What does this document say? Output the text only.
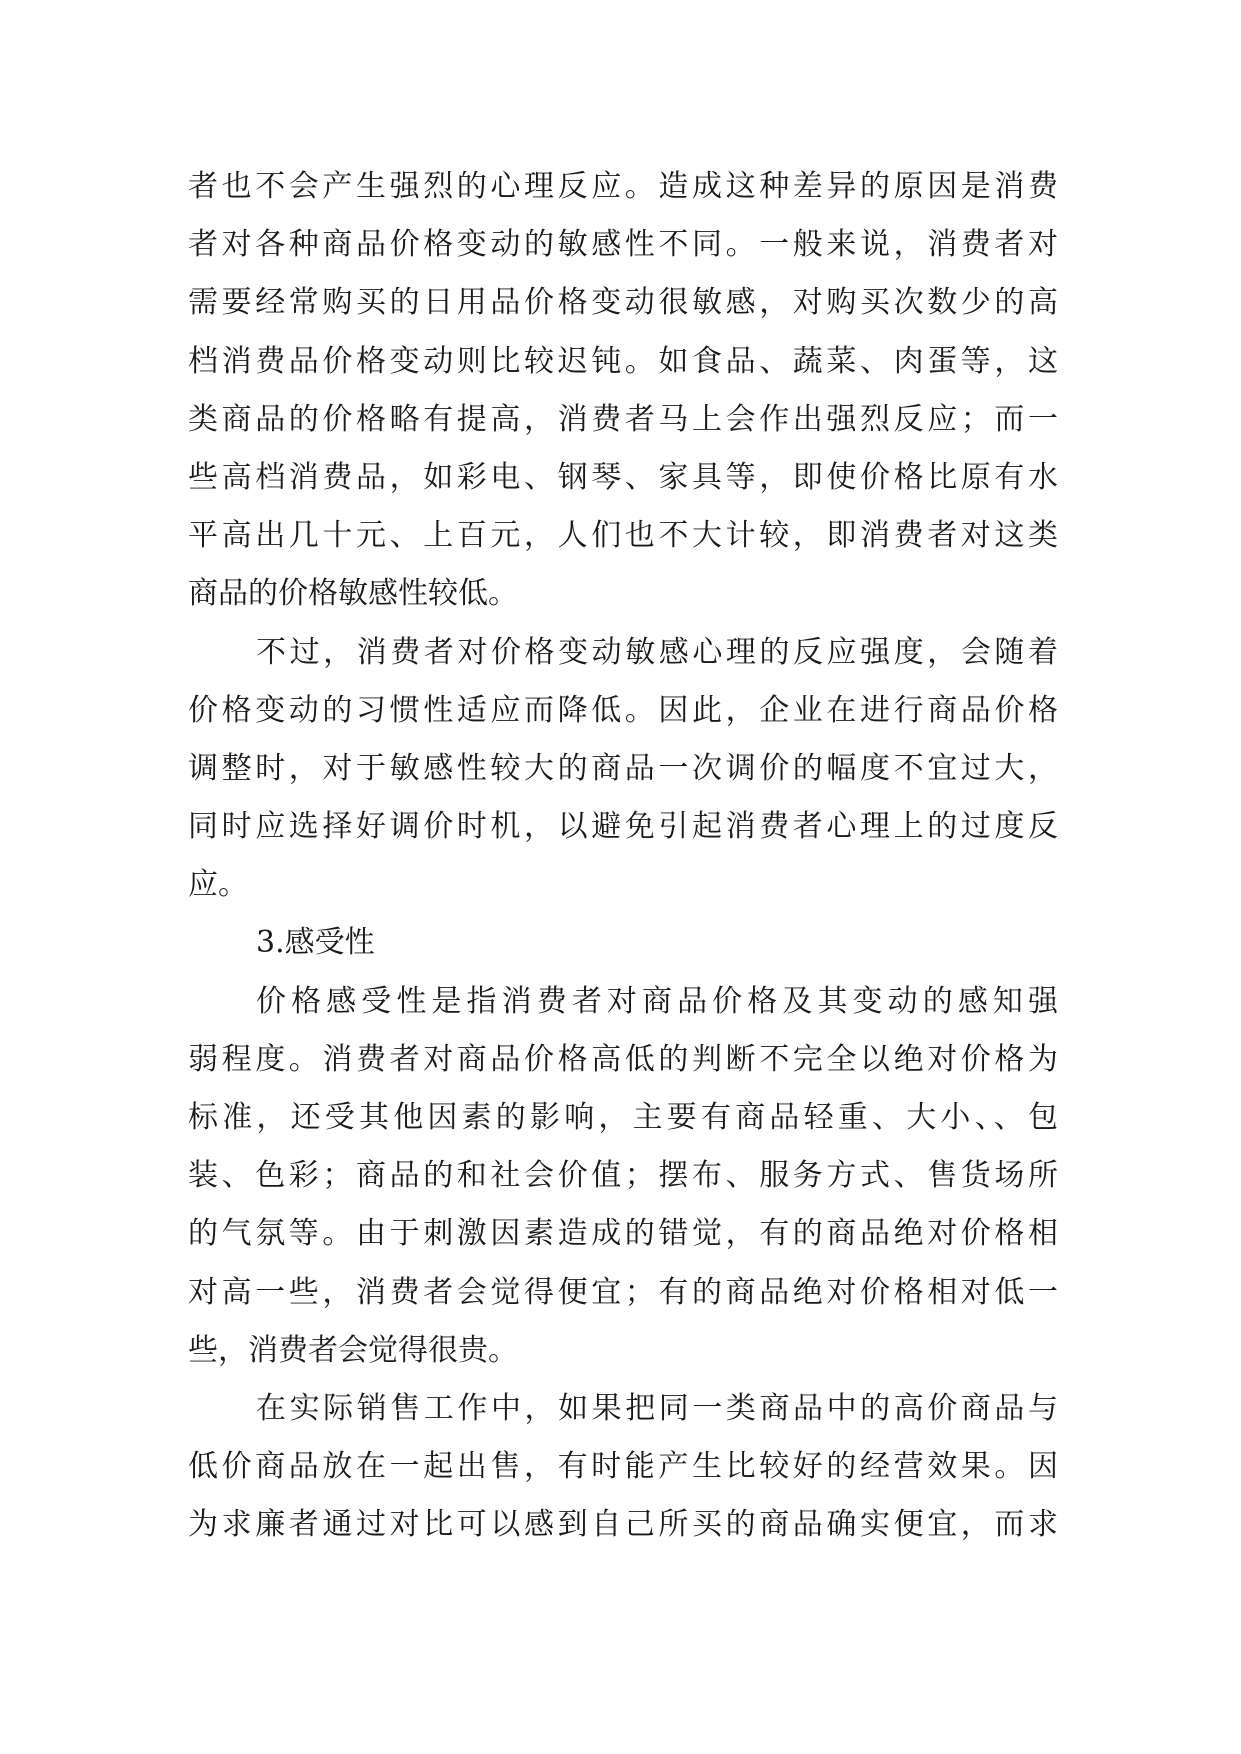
者也不会产生强烈的心理反应。造成这种差异的原因是消费
者对各种商品价格变动的敏感性不同。一般来说，消费者对
需要经常购买的日用品价格变动很敏感，对购买次数少的高
档消费品价格变动则比较迟钝。如食品、蔬菜、肉蛋等，这
类商品的价格略有提高，消费者马上会作出强烈反应；而一
些高档消费品，如彩电、钢琴、家具等，即使价格比原有水
平高出几十元、上百元，人们也不大计较，即消费者对这类
商品的价格敏感性较低。
不过，消费者对价格变动敏感心理的反应强度，会随着
价格变动的习惯性适应而降低。因此，企业在进行商品价格
调整时，对于敏感性较大的商品一次调价的幅度不宜过大，
同时应选择好调价时机，以避免引起消费者心理上的过度反
应。
3.感受性
价格感受性是指消费者对商品价格及其变动的感知强
弱程度。消费者对商品价格高低的判断不完全以绝对价格为
标准，还受其他因素的影响，主要有商品轻重、大小、、包
装、色彩；商品的和社会价值；摆布、服务方式、售货场所
的气氛等。由于刺激因素造成的错觉，有的商品绝对价格相
对高一些，消费者会觉得便宜；有的商品绝对价格相对低一
些，消费者会觉得很贵。
在实际销售工作中，如果把同一类商品中的高价商品与
低价商品放在一起出售，有时能产生比较好的经营效果。因
为求廉者通过对比可以感到自己所买的商品确实便宜，而求
